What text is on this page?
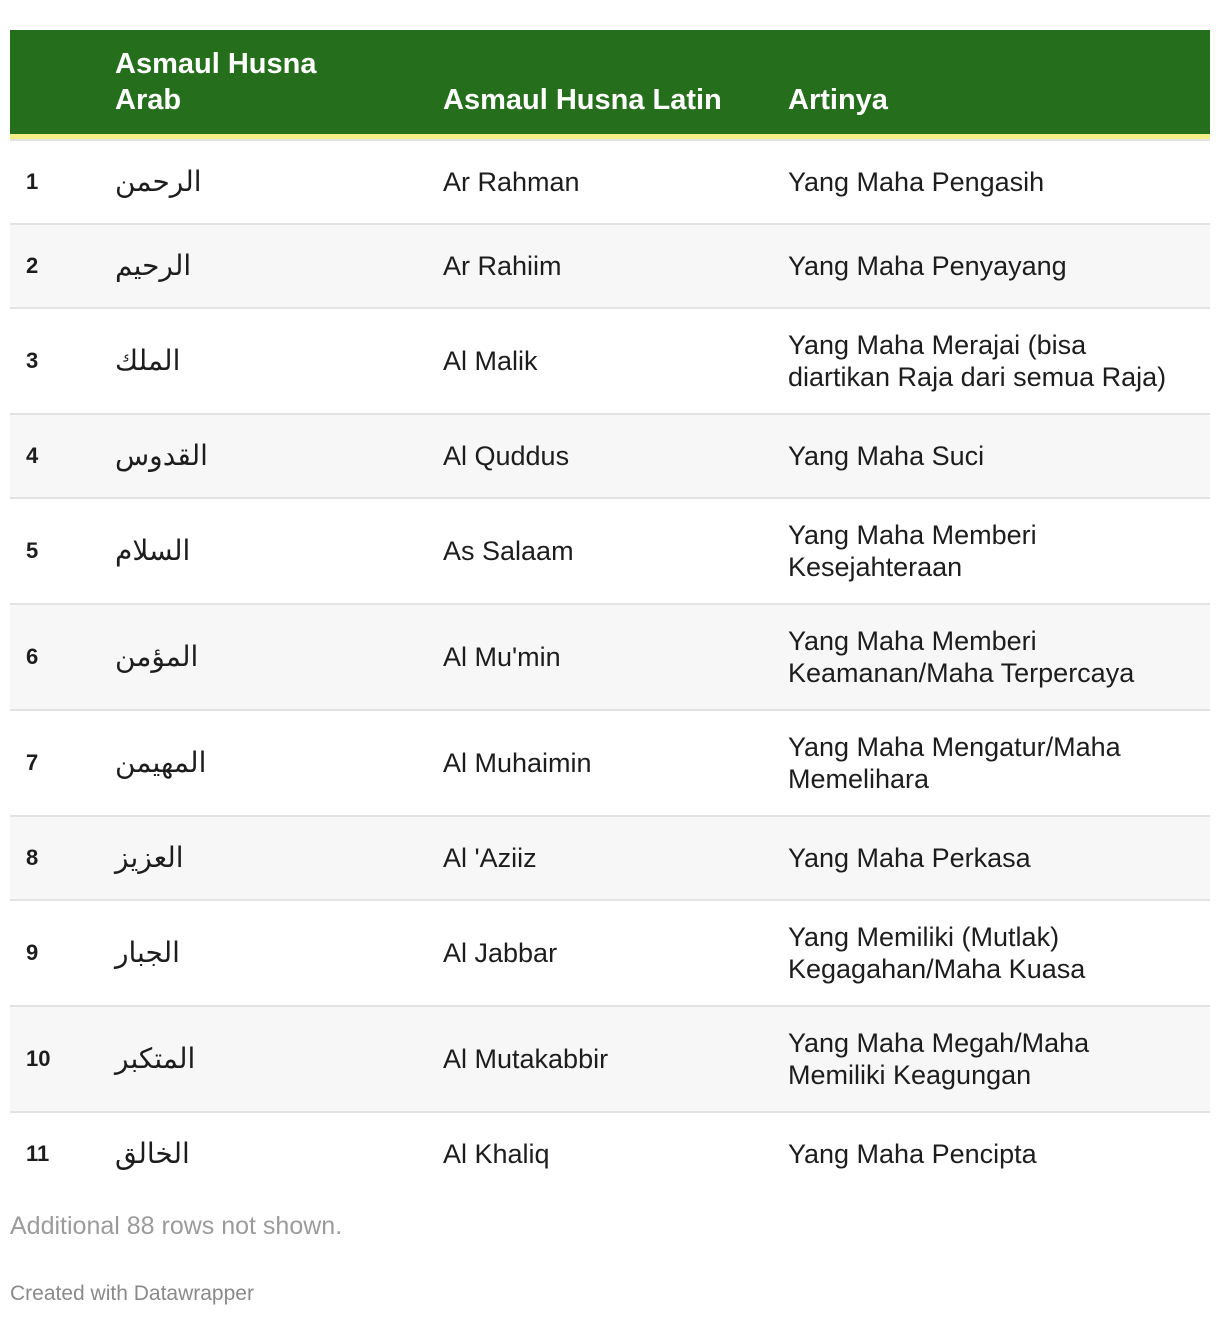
	Asmaul Husna
Arab	Asmaul Husna Latin	Artinya

1	الرحمن	Ar Rahman	Yang Maha Pengasih
2	الرحيم	Ar Rahiim	Yang Maha Penyayang
3	الملك	Al Malik	Yang Maha Merajai (bisa
diartikan Raja dari semua Raja)
4	القدوس	Al Quddus	Yang Maha Suci
5	السلام	As Salaam	Yang Maha Memberi
Kesejahteraan
6	المؤمن	Al Mu'min	Yang Maha Memberi
Keamanan/Maha Terpercaya
7	المهيمن	Al Muhaimin	Yang Maha Mengatur/Maha
Memelihara
8	العزيز	Al 'Aziiz	Yang Maha Perkasa
9	الجبار	Al Jabbar	Yang Memiliki (Mutlak)
Kegagahan/Maha Kuasa
10	المتكبر	Al Mutakabbir	Yang Maha Megah/Maha
Memiliki Keagungan
11	الخالق	Al Khaliq	Yang Maha Pencipta
Additional 88 rows not shown.
Created with Datawrapper
